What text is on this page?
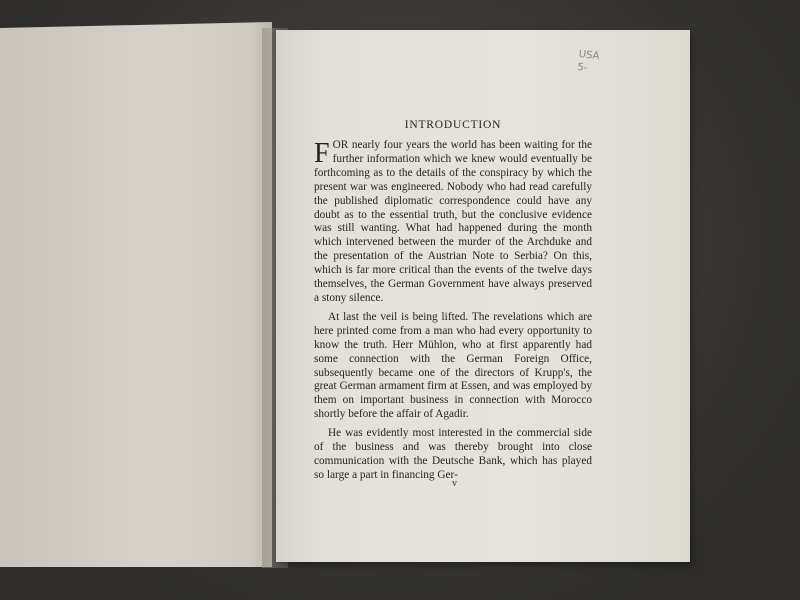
USA
5-
INTRODUCTION

FOR nearly four years the world has been waiting for the further information which we knew would eventually be forthcoming as to the details of the conspiracy by which the present war was engineered. Nobody who had read carefully the published diplomatic correspondence could have any doubt as to the essential truth, but the conclusive evidence was still wanting. What had happened during the month which intervened between the murder of the Archduke and the presentation of the Austrian Note to Serbia? On this, which is far more critical than the events of the twelve days themselves, the German Government have always preserved a stony silence.

At last the veil is being lifted. The revelations which are here printed come from a man who had every opportunity to know the truth. Herr Mühlon, who at first apparently had some connection with the German Foreign Office, subsequently became one of the directors of Krupp's, the great German armament firm at Essen, and was employed by them on important business in connection with Morocco shortly before the affair of Agadir.

He was evidently most interested in the commercial side of the business and was thereby brought into close communication with the Deutsche Bank, which has played so large a part in financing Ger-

v
